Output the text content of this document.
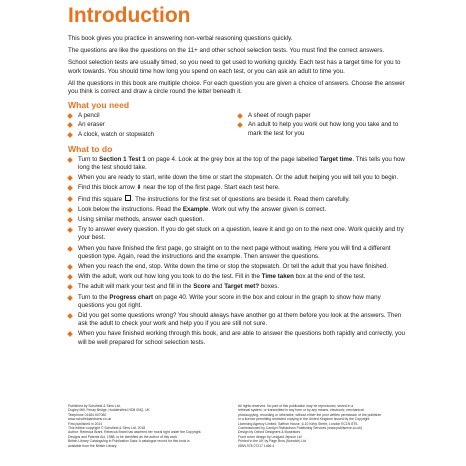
Introduction

This book gives you practice in answering non-verbal reasoning questions quickly.

The questions are like the questions on the 11+ and other school selection tests. You must find the correct answers.

School selection tests are usually timed, so you need to get used to working quickly. Each test has a target time for you to work towards. You should time how long you spend on each test, or you can ask an adult to time you.

All the questions in this book are multiple choice. For each question you are given a choice of answers. Choose the answer you think is correct and draw a circle round the letter beneath it.

What you need
A pencil
An eraser
A clock, watch or stopwatch
A sheet of rough paper
An adult to help you work out how long you take and to mark the test for you
What to do
Turn to Section 1 Test 1 on page 4. Look at the grey box at the top of the page labelled Target time. This tells you how long the test should take.
When you are ready to start, write down the time or start the stopwatch. Or the adult helping you will tell you to begin.
Find this block arrow ⬇ near the top of the first page. Start each test here.
Find this square . The instructions for the first set of questions are beside it. Read them carefully.
Look below the instructions. Read the Example. Work out why the answer given is correct.
Using similar methods, answer each question.
Try to answer every question. If you do get stuck on a question, leave it and go on to the next one. Work quickly and try your best.
When you have finished the first page, go straight on to the next page without waiting. Here you will find a different question type. Again, read the instructions and the example. Then answer the questions.
When you reach the end, stop. Write down the time or stop the stopwatch. Or tell the adult that you have finished.
With the adult, work out how long you took to do the test. Fill in the Time taken box at the end of the test.
The adult will mark your test and fill in the Score and Target met? boxes.
Turn to the Progress chart on page 40. Write your score in the box and colour in the graph to show how many questions you got right.
Did you get some questions wrong? You should always have another go at them before you look at the answers. Then ask the adult to check your work and help you if you are still not sure.
When you have finished working through this book, and are able to answer the questions both rapidly and correctly, you will be well prepared for school selection tests.
Published by Schofield & Sims Ltd,
Dogley Mill, Fenay Bridge, Huddersfield HD8 0NQ, UK
Telephone 01484 607080
www.schofieldandsims.co.uk
First published in 2014
This edition copyright © Schofield & Sims Ltd, 2018
Author: Rebecca Brant. Rebecca Brant has asserted her moral right under the Copyright,
Designs and Patents Act, 1988, to be identified as the author of this work.
British Library Cataloguing in Publication Data: A catalogue record for this book is
available from the British Library.
All rights reserved. No part of this publication may be reproduced, stored in a
retrieval system, or transmitted in any form or by any means, electronic, mechanical,
photocopying, recording or otherwise, without either the prior written permission of the publisher
or a licence permitting restricted copying in the United Kingdom issued by the Copyright
Licensing Agency Limited, Saffron House, 6-10 Kirby Street, London EC1N 8TS.
Commissioned by Carolyn Richardson Publishing Services (www.publiserve.co.uk)
Design by Oxford Designers & Illustrators
Front cover design by Ledgard Jepson Ltd
Printed in the UK by Page Bros (Norwich) Ltd
ISBN 978 07217 1466 4
